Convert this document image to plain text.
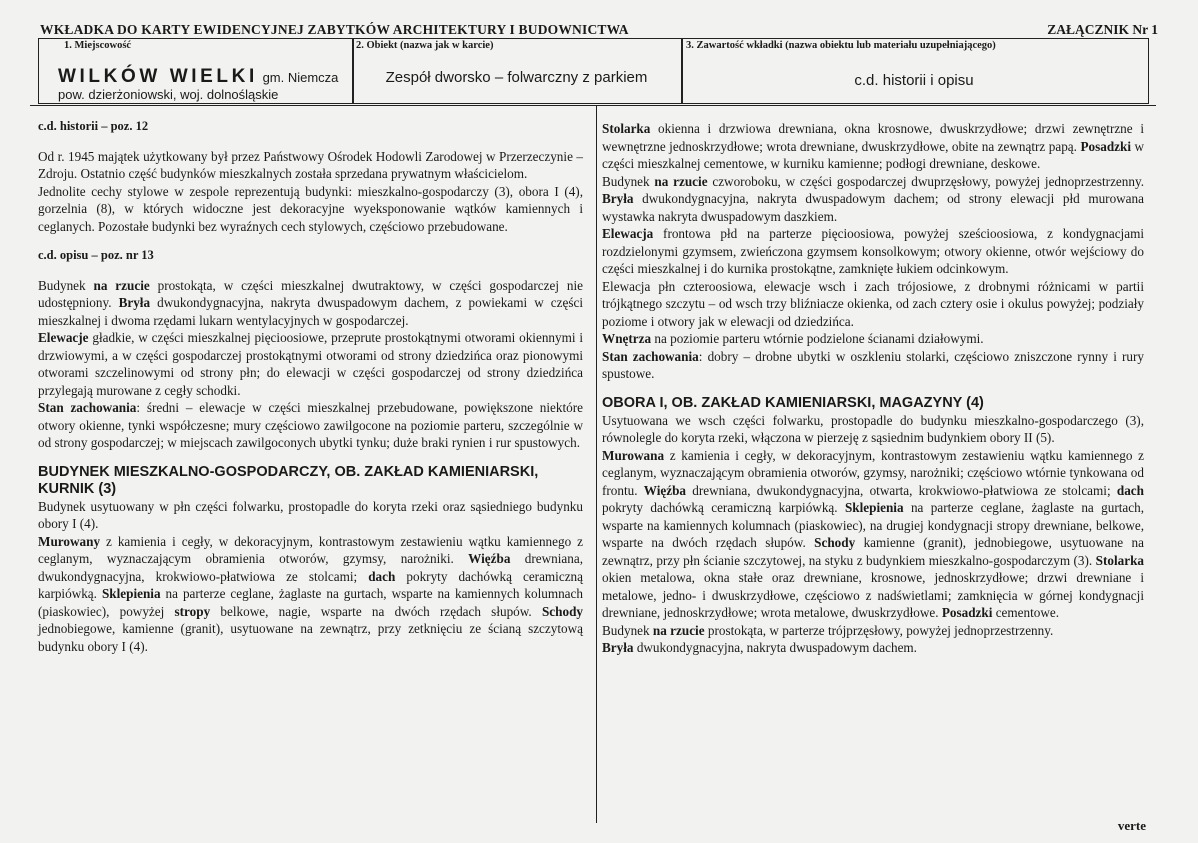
WKŁADKA DO KARTY EWIDENCYJNEJ ZABYTKÓW ARCHITEKTURY I BUDOWNICTWA	ZAŁĄCZNIK Nr 1
1. Miejscowość	2. Obiekt (nazwa jak w karcie)	3. Zawartość wkładki (nazwa obiektu lub materiału uzupełniającego)
WILKÓW WIELKI gm. Niemcza
pow. dzierżoniowski, woj. dolnośląskie
Zespół dworsko – folwarczny z parkiem	c.d. historii i opisu

c.d. historii – poz. 12

Od r. 1945 majątek użytkowany był przez Państwowy Ośrodek Hodowli Zarodowej w Przerzeczynie – Zdroju. Ostatnio część budynków mieszkalnych została sprzedana prywatnym właścicielom.

Jednolite cechy stylowe w zespole reprezentują budynki: mieszkalno-gospodarczy (3), obora I (4), gorzelnia (8), w których widoczne jest dekoracyjne wyeksponowanie wątków kamiennych i ceglanych. Pozostałe budynki bez wyraźnych cech stylowych, częściowo przebudowane.

c.d. opisu – poz. nr 13

Budynek na rzucie prostokąta, w części mieszkalnej dwutraktowy, w części gospodarczej nie udostępniony. Bryła dwukondygnacyjna, nakryta dwuspadowym dachem, z powiekami w części mieszkalnej i dwoma rzędami lukarn wentylacyjnych w gospodarczej.

Elewacje gładkie, w części mieszkalnej pięcioosiowe, przeprute prostokątnymi otworami okiennymi i drzwiowymi, a w części gospodarczej prostokątnymi otworami od strony dziedzińca oraz pionowymi otworami szczelinowymi od strony płn; do elewacji w części gospodarczej od strony dziedzińca przylegają murowane z cegły schodki.

Stan zachowania: średni – elewacje w części mieszkalnej przebudowane, powiększone niektóre otwory okienne, tynki współczesne; mury częściowo zawilgocone na poziomie parteru, szczególnie w od strony gospodarczej; w miejscach zawilgoconych ubytki tynku; duże braki rynien i rur spustowych.

BUDYNEK MIESZKALNO-GOSPODARCZY, OB. ZAKŁAD KAMIENIARSKI, KURNIK (3)

Budynek usytuowany w płn części folwarku, prostopadle do koryta rzeki oraz sąsiedniego budynku obory I (4).

Murowany z kamienia i cegły, w dekoracyjnym, kontrastowym zestawieniu wątku kamiennego z ceglanym, wyznaczającym obramienia otworów, gzymsy, narożniki. Więźba drewniana, dwukondygnacyjna, krokwiowo-płatwiowa ze stolcami; dach pokryty dachówką ceramiczną karpiówką. Sklepienia na parterze ceglane, żaglaste na gurtach, wsparte na kamiennych kolumnach (piaskowiec), powyżej stropy belkowe, nagie, wsparte na dwóch rzędach słupów. Schody jednobiegowe, kamienne (granit), usytuowane na zewnątrz, przy zetknięciu ze ścianą szczytową budynku obory I (4).

Stolarka okienna i drzwiowa drewniana, okna krosnowe, dwuskrzydłowe; drzwi zewnętrzne i wewnętrzne jednoskrzydłowe; wrota drewniane, dwuskrzydłowe, obite na zewnątrz papą. Posadzki w części mieszkalnej cementowe, w kurniku kamienne; podłogi drewniane, deskowe.

Budynek na rzucie czworoboku, w części gospodarczej dwuprzęsłowy, powyżej jednoprzestrzenny. Bryła dwukondygnacyjna, nakryta dwuspadowym dachem; od strony elewacji płd murowana wystawka nakryta dwuspadowym daszkiem.

Elewacja frontowa płd na parterze pięcioosiowa, powyżej sześcioosiowa, z kondygnacjami rozdzielonymi gzymsem, zwieńczona gzymsem konsolkowym; otwory okienne, otwór wejściowy do części mieszkalnej i do kurnika prostokątne, zamknięte łukiem odcinkowym.

Elewacja płn czteroosiowa, elewacje wsch i zach trójosiowe, z drobnymi różnicami w partii trójkątnego szczytu – od wsch trzy bliźniacze okienka, od zach cztery osie i okulus powyżej; podziały poziome i otwory jak w elewacji od dziedzińca.

Wnętrza na poziomie parteru wtórnie podzielone ścianami działowymi.

Stan zachowania: dobry – drobne ubytki w oszkleniu stolarki, częściowo zniszczone rynny i rury spustowe.

OBORA I, OB. ZAKŁAD KAMIENIARSKI, MAGAZYNY (4)

Usytuowana we wsch części folwarku, prostopadle do budynku mieszkalno-gospodarczego (3), równolegle do koryta rzeki, włączona w pierzeję z sąsiednim budynkiem obory II (5).

Murowana z kamienia i cegły, w dekoracyjnym, kontrastowym zestawieniu wątku kamiennego z ceglanym, wyznaczającym obramienia otworów, gzymsy, narożniki; częściowo wtórnie tynkowana od frontu. Więźba drewniana, dwukondygnacyjna, otwarta, krokwiowo-płatwiowa ze stolcami; dach pokryty dachówką ceramiczną karpiówką. Sklepienia na parterze ceglane, żaglaste na gurtach, wsparte na kamiennych kolumnach (piaskowiec), na drugiej kondygnacji stropy drewniane, belkowe, wsparte na dwóch rzędach słupów. Schody kamienne (granit), jednobiegowe, usytuowane na zewnątrz, przy płn ścianie szczytowej, na styku z budynkiem mieszkalno-gospodarczym (3). Stolarka okien metalowa, okna stałe oraz drewniane, krosnowe, jednoskrzydłowe; drzwi drewniane i metalowe, jedno- i dwuskrzydłowe, częściowo z nadświetlami; zamknięcia w górnej kondygnacji drewniane, jednoskrzydłowe; wrota metalowe, dwuskrzydłowe. Posadzki cementowe.

Budynek na rzucie prostokąta, w parterze trójprzęsłowy, powyżej jednoprzestrzenny.

Bryła dwukondygnacyjna, nakryta dwuspadowym dachem.

verte
